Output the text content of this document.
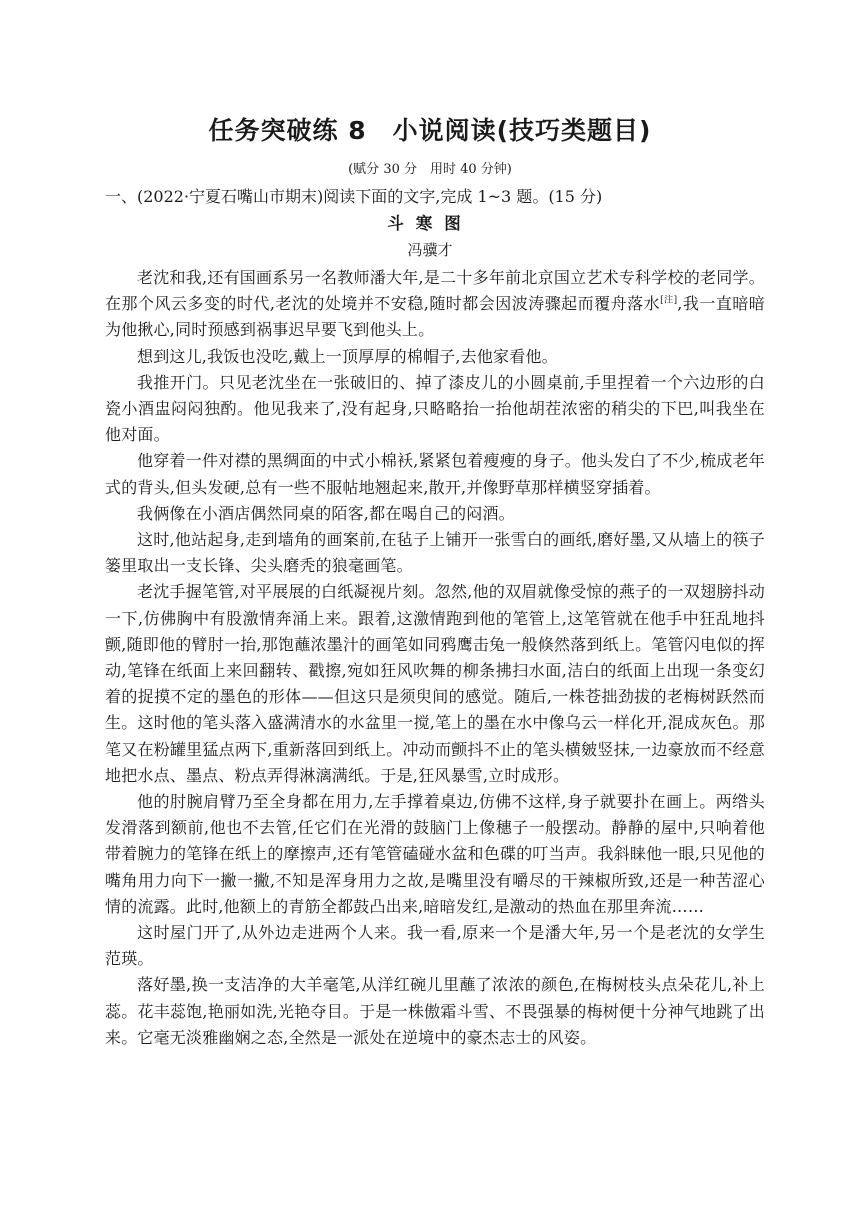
任务突破练 8　小说阅读(技巧类题目)
(赋分 30 分　用时 40 分钟)
一、(2022·宁夏石嘴山市期末)阅读下面的文字,完成 1~3 题。(15 分)
斗寒图
冯骥才

老沈和我,还有国画系另一名教师潘大年,是二十多年前北京国立艺术专科学校的老同学。在那个风云多变的时代,老沈的处境并不安稳,随时都会因波涛骤起而覆舟落水[注],我一直暗暗为他揪心,同时预感到祸事迟早要飞到他头上。

想到这儿,我饭也没吃,戴上一顶厚厚的棉帽子,去他家看他。

我推开门。只见老沈坐在一张破旧的、掉了漆皮儿的小圆桌前,手里捏着一个六边形的白瓷小酒盅闷闷独酌。他见我来了,没有起身,只略略抬一抬他胡茬浓密的稍尖的下巴,叫我坐在他对面。

他穿着一件对襟的黑绸面的中式小棉袄,紧紧包着瘦瘦的身子。他头发白了不少,梳成老年式的背头,但头发硬,总有一些不服帖地翘起来,散开,并像野草那样横竖穿插着。

我俩像在小酒店偶然同桌的陌客,都在喝自己的闷酒。

这时,他站起身,走到墙角的画案前,在毡子上铺开一张雪白的画纸,磨好墨,又从墙上的筷子篓里取出一支长锋、尖头磨秃的狼毫画笔。

老沈手握笔管,对平展展的白纸凝视片刻。忽然,他的双眉就像受惊的燕子的一双翅膀抖动一下,仿佛胸中有股激情奔涌上来。跟着,这激情跑到他的笔管上,这笔管就在他手中狂乱地抖颤,随即他的臂肘一抬,那饱蘸浓墨汁的画笔如同鸦鹰击兔一般倏然落到纸上。笔管闪电似的挥动,笔锋在纸面上来回翻转、戳擦,宛如狂风吹舞的柳条拂扫水面,洁白的纸面上出现一条变幻着的捉摸不定的墨色的形体——但这只是须臾间的感觉。随后,一株苍拙劲拔的老梅树跃然而生。这时他的笔头落入盛满清水的水盆里一搅,笔上的墨在水中像乌云一样化开,混成灰色。那笔又在粉罐里猛点两下,重新落回到纸上。冲动而颤抖不止的笔头横皴竖抹,一边豪放而不经意地把水点、墨点、粉点弄得淋漓满纸。于是,狂风暴雪,立时成形。

他的肘腕肩臂乃至全身都在用力,左手撑着桌边,仿佛不这样,身子就要扑在画上。两绺头发滑落到额前,他也不去管,任它们在光滑的鼓脑门上像穗子一般摆动。静静的屋中,只响着他带着腕力的笔锋在纸上的摩擦声,还有笔管磕碰水盆和色碟的叮当声。我斜睐他一眼,只见他的嘴角用力向下一撇一撇,不知是浑身用力之故,是嘴里没有嚼尽的干辣椒所致,还是一种苦涩心情的流露。此时,他额上的青筋全都鼓凸出来,暗暗发红,是激动的热血在那里奔流……

这时屋门开了,从外边走进两个人来。我一看,原来一个是潘大年,另一个是老沈的女学生范瑛。

落好墨,换一支洁净的大羊毫笔,从洋红碗儿里蘸了浓浓的颜色,在梅树枝头点朵花儿,补上蕊。花丰蕊饱,艳丽如洗,光艳夺目。于是一株傲霜斗雪、不畏强暴的梅树便十分神气地跳了出来。它毫无淡雅幽娴之态,全然是一派处在逆境中的豪杰志士的风姿。
